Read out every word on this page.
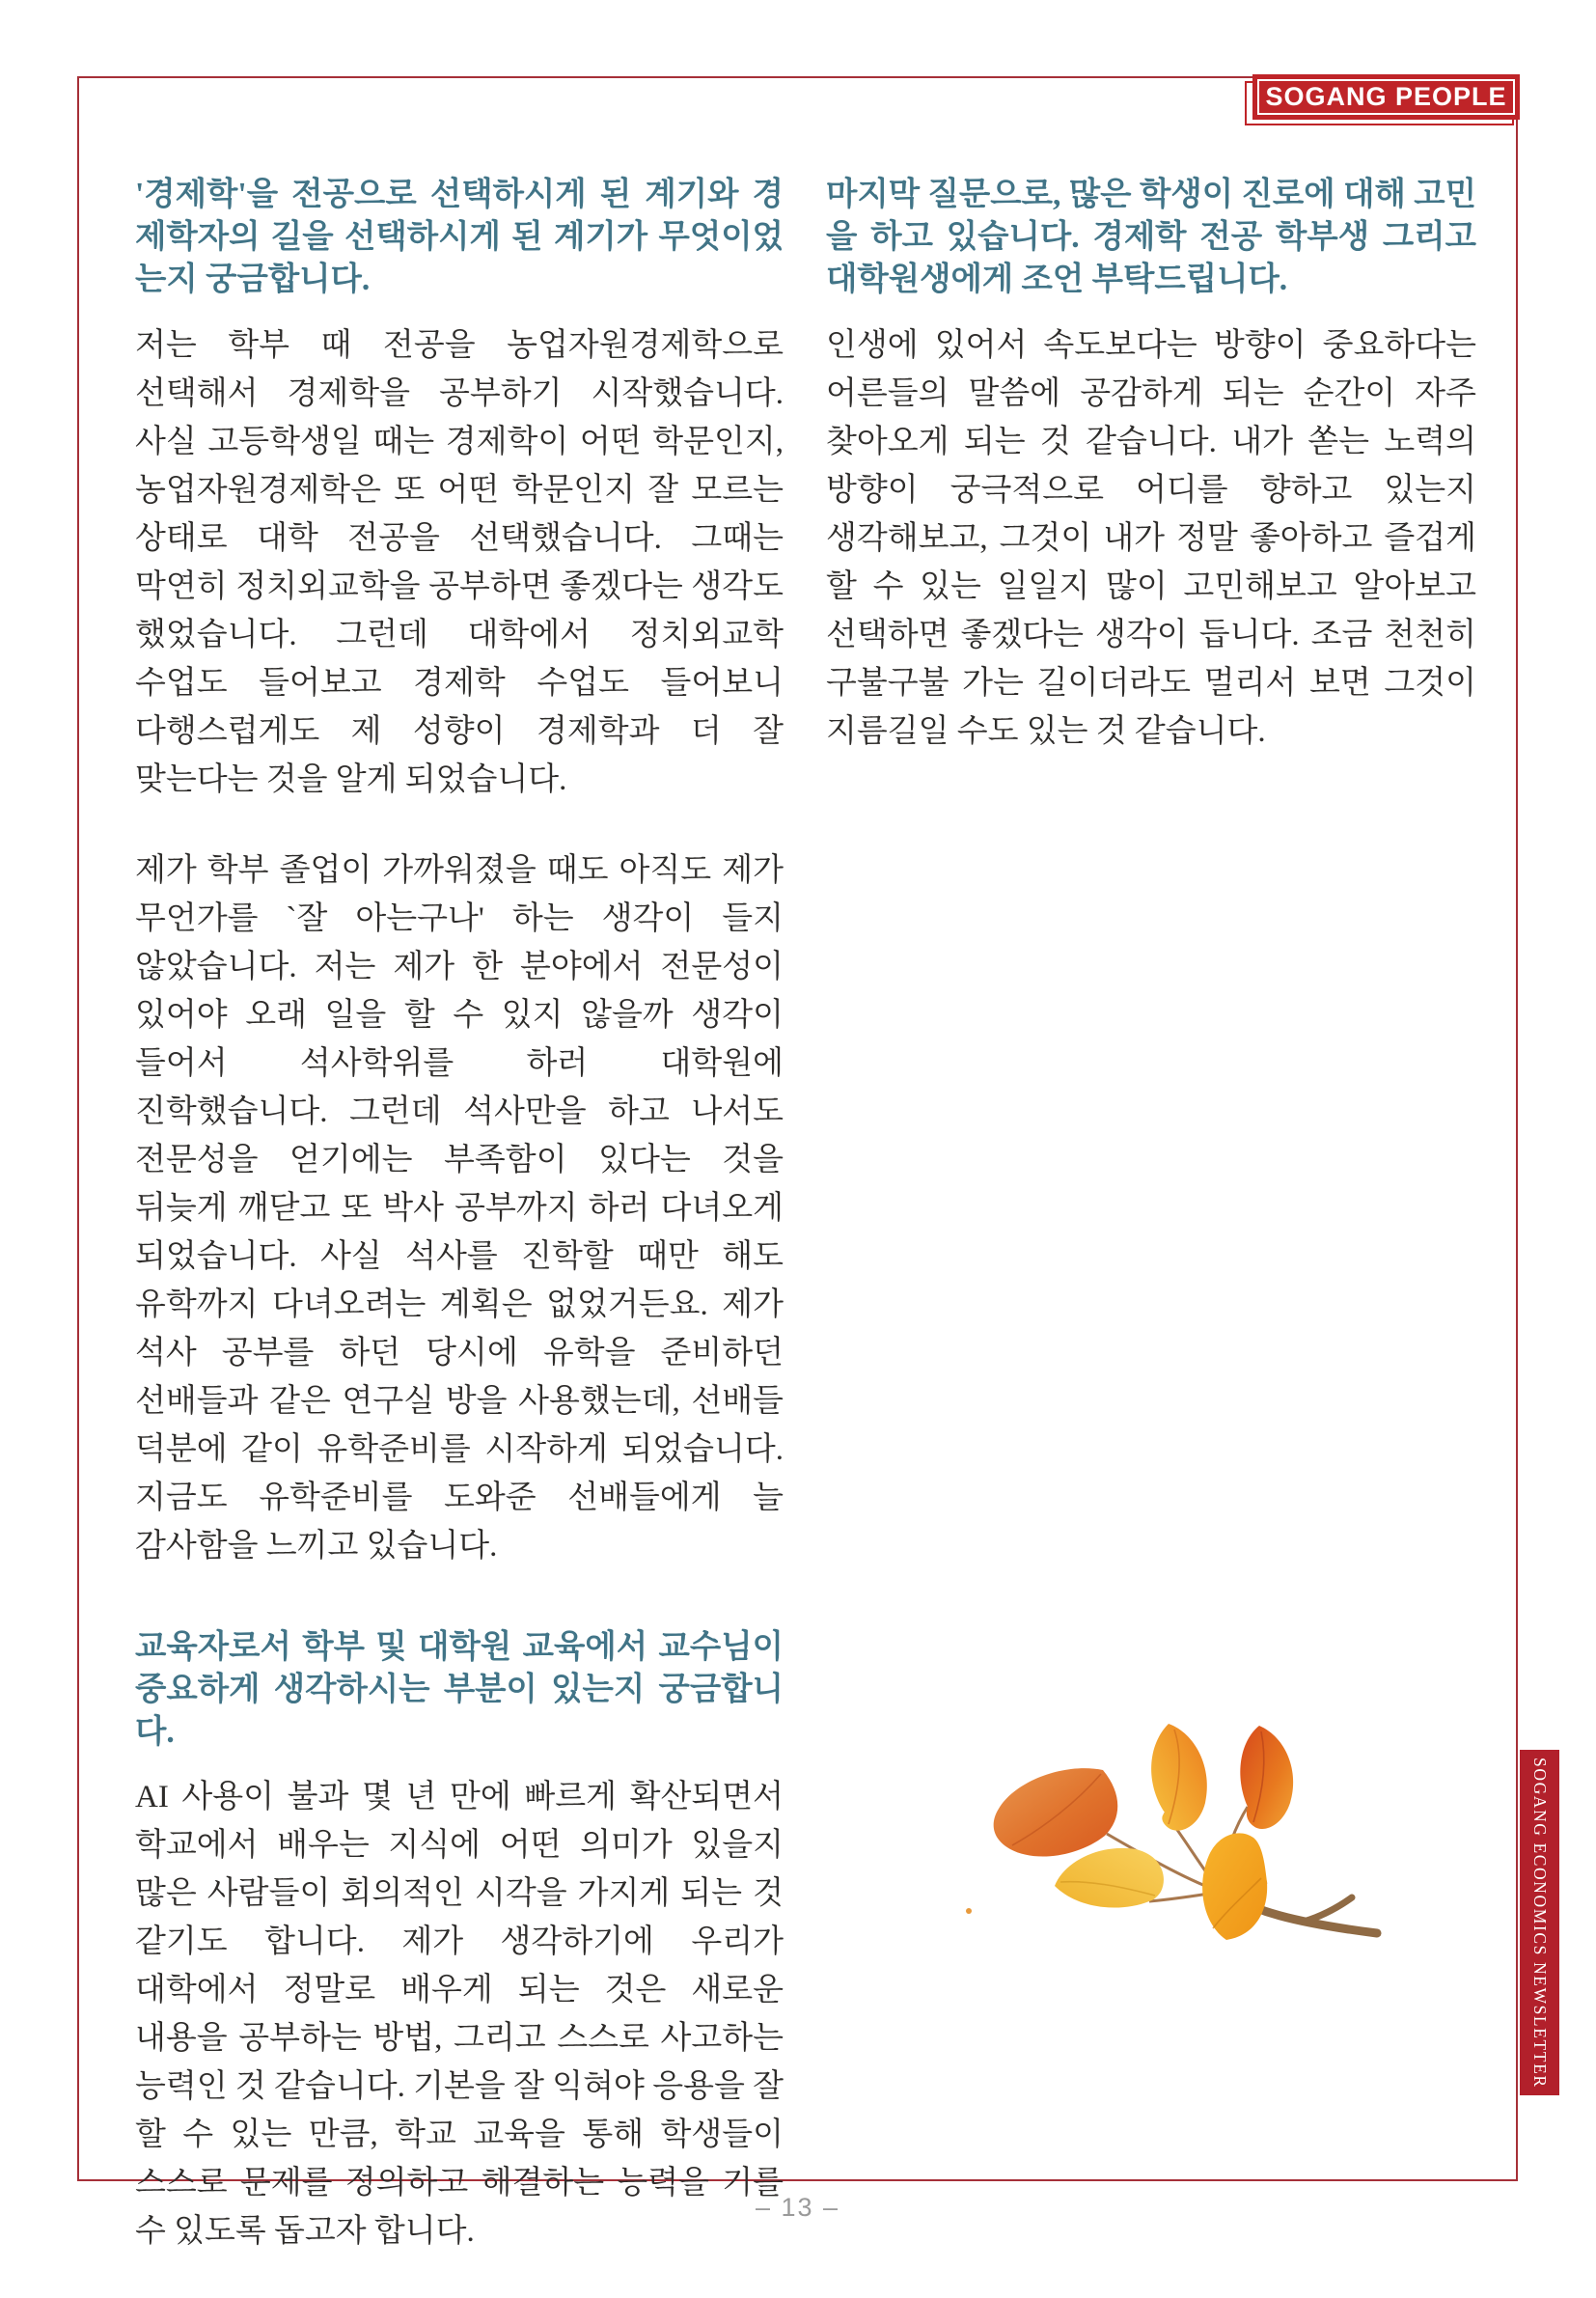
SOGANG PEOPLE
'경제학'을 전공으로 선택하시게 된 계기와 경제학자의 길을 선택하시게 된 계기가 무엇이었는지 궁금합니다.

저는 학부 때 전공을 농업자원경제학으로 선택해서 경제학을 공부하기 시작했습니다. 사실 고등학생일 때는 경제학이 어떤 학문인지, 농업자원경제학은 또 어떤 학문인지 잘 모르는 상태로 대학 전공을 선택했습니다. 그때는 막연히 정치외교학을 공부하면 좋겠다는 생각도 했었습니다. 그런데 대학에서 정치외교학 수업도 들어보고 경제학 수업도 들어보니 다행스럽게도 제 성향이 경제학과 더 잘 맞는다는 것을 알게 되었습니다.

제가 학부 졸업이 가까워졌을 때도 아직도 제가 무언가를 `잘 아는구나' 하는 생각이 들지 않았습니다. 저는 제가 한 분야에서 전문성이 있어야 오래 일을 할 수 있지 않을까 생각이 들어서 석사학위를 하러 대학원에 진학했습니다. 그런데 석사만을 하고 나서도 전문성을 얻기에는 부족함이 있다는 것을 뒤늦게 깨닫고 또 박사 공부까지 하러 다녀오게 되었습니다. 사실 석사를 진학할 때만 해도 유학까지 다녀오려는 계획은 없었거든요. 제가 석사 공부를 하던 당시에 유학을 준비하던 선배들과 같은 연구실 방을 사용했는데, 선배들 덕분에 같이 유학준비를 시작하게 되었습니다. 지금도 유학준비를 도와준 선배들에게 늘 감사함을 느끼고 있습니다.

교육자로서 학부 및 대학원 교육에서 교수님이 중요하게 생각하시는 부분이 있는지 궁금합니다.

AI 사용이 불과 몇 년 만에 빠르게 확산되면서 학교에서 배우는 지식에 어떤 의미가 있을지 많은 사람들이 회의적인 시각을 가지게 되는 것 같기도 합니다. 제가 생각하기에 우리가 대학에서 정말로 배우게 되는 것은 새로운 내용을 공부하는 방법, 그리고 스스로 사고하는 능력인 것 같습니다. 기본을 잘 익혀야 응용을 잘 할 수 있는 만큼, 학교 교육을 통해 학생들이 스스로 문제를 정의하고 해결하는 능력을 기를 수 있도록 돕고자 합니다.

마지막 질문으로, 많은 학생이 진로에 대해 고민을 하고 있습니다. 경제학 전공 학부생 그리고 대학원생에게 조언 부탁드립니다.

인생에 있어서 속도보다는 방향이 중요하다는 어른들의 말씀에 공감하게 되는 순간이 자주 찾아오게 되는 것 같습니다. 내가 쏟는 노력의 방향이 궁극적으로 어디를 향하고 있는지 생각해보고, 그것이 내가 정말 좋아하고 즐겁게 할 수 있는 일일지 많이 고민해보고 알아보고 선택하면 좋겠다는 생각이 듭니다. 조금 천천히 구불구불 가는 길이더라도 멀리서 보면 그것이 지름길일 수도 있는 것 같습니다.

SOGANG ECONOMICS NEWSLETTER
– 13 –
